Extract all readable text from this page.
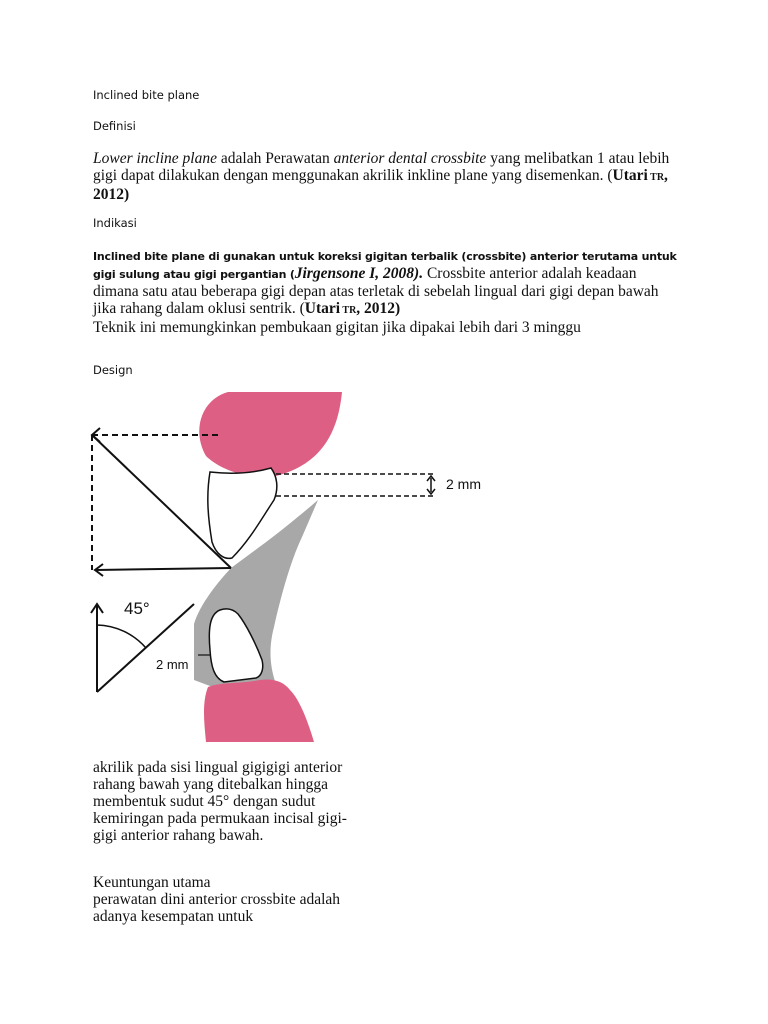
Inclined bite plane
Definisi
Lower incline plane adalah Perawatan anterior dental crossbite yang melibatkan 1 atau lebih gigi dapat dilakukan dengan menggunakan akrilik inkline plane yang disemenkan. (Utari TR, 2012)
Indikasi
Inclined bite plane di gunakan untuk koreksi gigitan terbalik (crossbite) anterior terutama untuk gigi sulung atau gigi pergantian (Jirgensone I, 2008). Crossbite anterior adalah keadaan dimana satu atau beberapa gigi depan atas terletak di sebelah lingual dari gigi depan bawah jika rahang dalam oklusi sentrik. (Utari TR, 2012)
Teknik ini memungkinkan pembukaan gigitan jika dipakai lebih dari 3 minggu
Design
45°
2 mm
2 mm
akrilik pada sisi lingual gigigigi anterior rahang bawah yang ditebalkan hingga membentuk sudut 45° dengan sudut kemiringan pada permukaan incisal gigi-gigi anterior rahang bawah.
Keuntungan utama
perawatan dini anterior crossbite adalah adanya kesempatan untuk
